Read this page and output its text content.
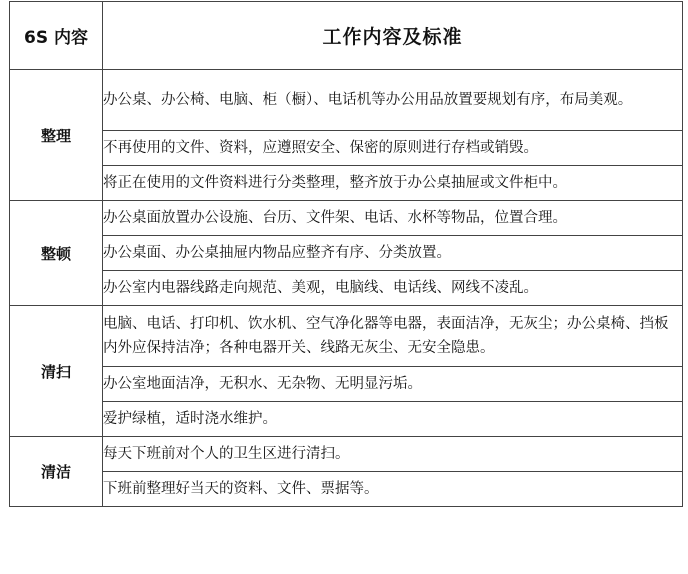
6S 内容	工作内容及标准
整理	办公桌、办公椅、电脑、柜（橱）、电话机等办公用品放置要规划有序，布局美观。
	不再使用的文件、资料，应遵照安全、保密的原则进行存档或销毁。
	将正在使用的文件资料进行分类整理，整齐放于办公桌抽屉或文件柜中。
整顿	办公桌面放置办公设施、台历、文件架、电话、水杯等物品，位置合理。
	办公桌面、办公桌抽屉内物品应整齐有序、分类放置。
	办公室内电器线路走向规范、美观，电脑线、电话线、网线不凌乱。
清扫	电脑、电话、打印机、饮水机、空气净化器等电器，表面洁净，无灰尘；办公桌椅、挡板内外应保持洁净；各种电器开关、线路无灰尘、无安全隐患。
	办公室地面洁净，无积水、无杂物、无明显污垢。
	爱护绿植，适时浇水维护。
清洁	每天下班前对个人的卫生区进行清扫。
	下班前整理好当天的资料、文件、票据等。
